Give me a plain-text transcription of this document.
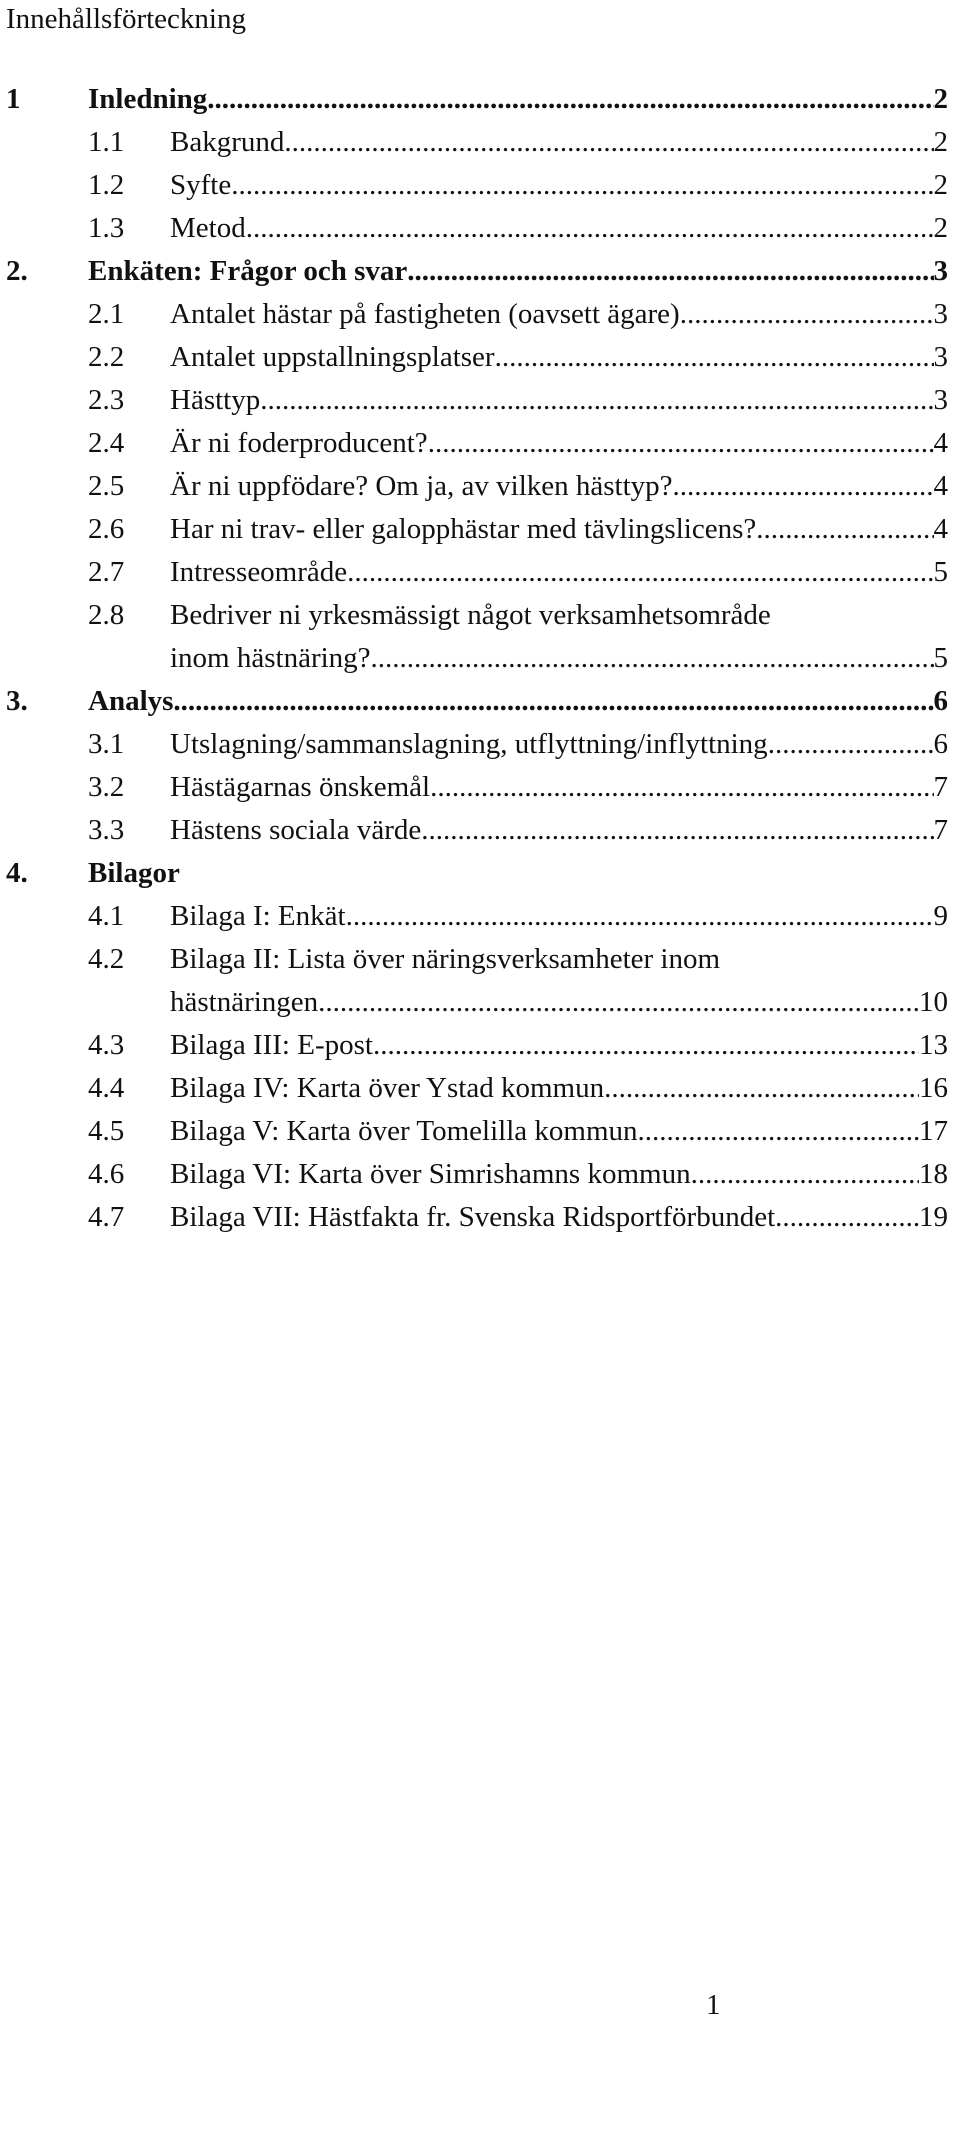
Innehållsförteckning
1 Inledning .....	2
1.1 Bakgrund .....	2
1.2 Syfte .....	2
1.3 Metod .....	2
2. Enkäten: Frågor och svar .....	3
2.1 Antalet hästar på fastigheten (oavsett ägare) .....	3
2.2 Antalet uppstallningsplatser .....	3
2.3 Hästtyp .....	3
2.4 Är ni foderproducent? .....	4
2.5 Är ni uppfödare? Om ja, av vilken hästtyp? .....	4
2.6 Har ni trav- eller galopphästar med tävlingslicens? .....	4
2.7 Intresseområde .....	5
2.8 Bedriver ni yrkesmässigt något verksamhetsområde
inom hästnäring? .....	5
3. Analys .....	6
3.1 Utslagning/sammanslagning, utflyttning/inflyttning .....	6
3.2 Hästägarnas önskemål .....	7
3.3 Hästens sociala värde .....	7
4. Bilagor
4.1 Bilaga I: Enkät .....	9
4.2 Bilaga II: Lista över näringsverksamheter inom
hästnäringen .....	10
4.3 Bilaga III: E-post .....	13
4.4 Bilaga IV: Karta över Ystad kommun .....	16
4.5 Bilaga V: Karta över Tomelilla kommun .....	17
4.6 Bilaga VI: Karta över Simrishamns kommun .....	18
4.7 Bilaga VII: Hästfakta fr. Svenska Ridsportförbundet .....	19
1
